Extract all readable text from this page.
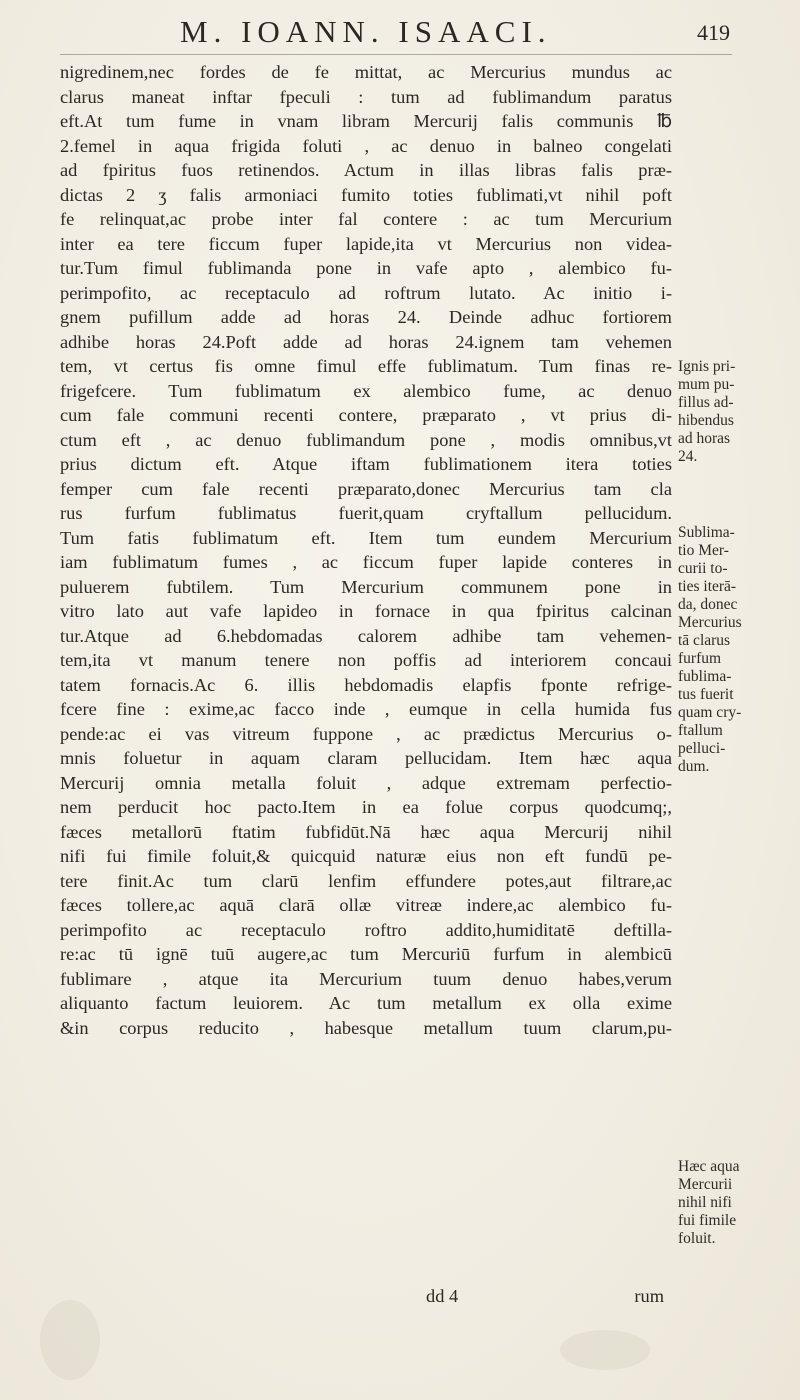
M. IOANN. ISAACI.	419
nigredinem,nec fordes de fe mittat, ac Mercurius mundus ac
clarus maneat inftar fpeculi : tum ad fublimandum paratus
eft.At tum fume in vnam libram Mercurij falis communis ℔
2.femel in aqua frigida foluti , ac denuo in balneo congelati
ad fpiritus fuos retinendos. Actum in illas libras falis præ-
dictas 2 ʒ falis armoniaci fumito toties fublimati,vt nihil poft
fe relinquat,ac probe inter fal contere : ac tum Mercurium
inter ea tere ficcum fuper lapide,ita vt Mercurius non videa-
tur.Tum fimul fublimanda pone in vafe apto , alembico fu-
perimpofito, ac receptaculo ad roftrum lutato. Ac initio i-
gnem pufillum adde ad horas 24. Deinde adhuc fortiorem
adhibe horas 24.Poft adde ad horas 24.ignem tam vehemen
tem, vt certus fis omne fimul effe fublimatum. Tum finas re-
frigefcere. Tum fublimatum ex alembico fume, ac denuo
cum fale communi recenti contere, præparato , vt prius di-
ctum eft , ac denuo fublimandum pone , modis omnibus,vt
prius dictum eft. Atque iftam fublimationem itera toties
femper cum fale recenti præparato,donec Mercurius tam cla
rus furfum fublimatus fuerit,quam cryftallum pellucidum.
Tum fatis fublimatum eft. Item tum eundem Mercurium
iam fublimatum fumes , ac ficcum fuper lapide conteres in
puluerem fubtilem. Tum Mercurium communem pone in
vitro lato aut vafe lapideo in fornace in qua fpiritus calcinan
tur.Atque ad 6.hebdomadas calorem adhibe tam vehemen-
tem,ita vt manum tenere non poffis ad interiorem concaui
tatem fornacis.Ac 6. illis hebdomadis elapfis fponte refrige-
fcere fine : exime,ac facco inde , eumque in cella humida fus
pende:ac ei vas vitreum fuppone , ac prædictus Mercurius o-
mnis foluetur in aquam claram pellucidam. Item hæc aqua
Mercurij omnia metalla foluit , adque extremam perfectio-
nem perducit hoc pacto.Item in ea folue corpus quodcumq;,
fæces metallorū ftatim fubfidūt.Nā hæc aqua Mercurij nihil
nifi fui fimile foluit,& quicquid naturæ eius non eft fundū pe-
tere finit.Ac tum clarū lenfim effundere potes,aut filtrare,ac
fæces tollere,ac aquā clarā ollæ vitreæ indere,ac alembico fu-
perimpofito ac receptaculo roftro addito,humiditatē deftilla-
re:ac tū ignē tuū augere,ac tum Mercuriū furfum in alembicū
fublimare , atque ita Mercurium tuum denuo habes,verum
aliquanto factum leuiorem. Ac tum metallum ex olla exime
&in corpus reducito , habesque metallum tuum clarum,pu-
dd 4	rum
Ignis pri-
mum pu-
fillus ad-
hibendus
ad horas
24.
Sublima-
tio Mer-
curii to-
ties iterā-
da, donec
Mercurius
tā clarus
furfum
fublima-
tus fuerit
quam cry-
ftallum
pelluci-
dum.
Hæc aqua
Mercurii
nihil nifi
fui fimile
foluit.
